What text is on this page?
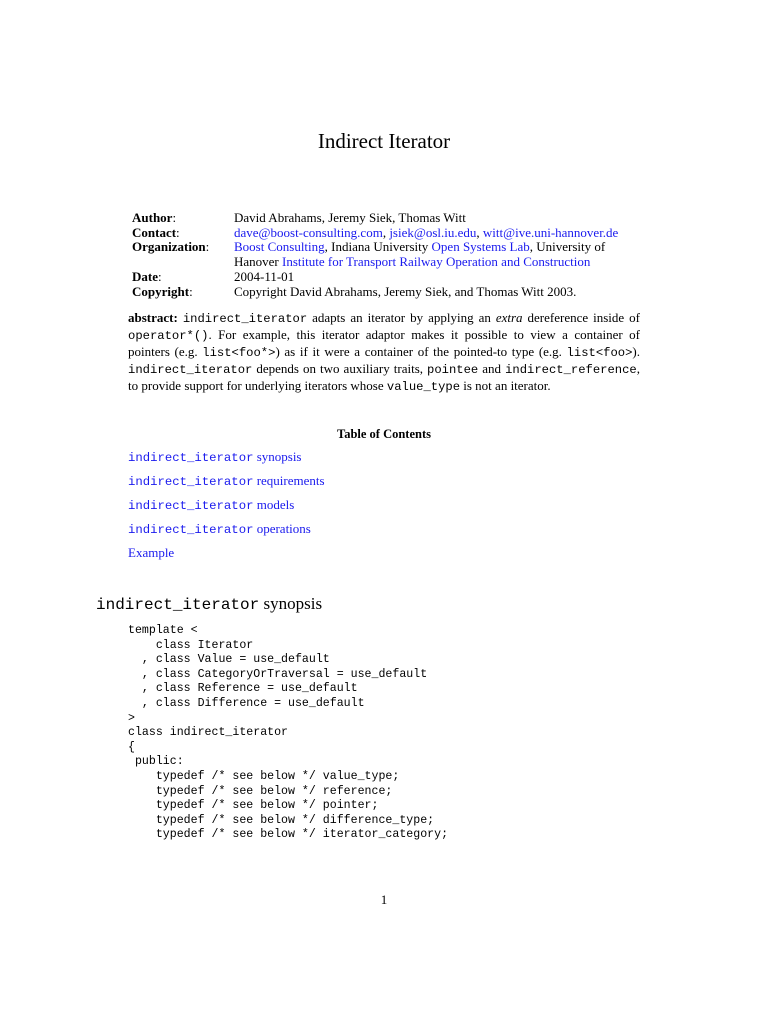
Indirect Iterator
Author:	David Abrahams, Jeremy Siek, Thomas Witt
Contact:	dave@boost-consulting.com, jsiek@osl.iu.edu, witt@ive.uni-hannover.de
Organization:	Boost Consulting, Indiana University Open Systems Lab, University of Hanover Institute for Transport Railway Operation and Construction
Date:	2004-11-01
Copyright:	Copyright David Abrahams, Jeremy Siek, and Thomas Witt 2003.
abstract: indirect_iterator adapts an iterator by applying an extra dereference inside of operator*(). For example, this iterator adaptor makes it possible to view a container of pointers (e.g. list<foo*>) as if it were a container of the pointed-to type (e.g. list<foo>). indirect_iterator depends on two auxiliary traits, pointee and indirect_reference, to provide support for underlying iterators whose value_type is not an iterator.
Table of Contents
indirect_iterator synopsis
indirect_iterator requirements
indirect_iterator models
indirect_iterator operations
Example
indirect_iterator synopsis
template <
class Iterator
, class Value = use_default
, class CategoryOrTraversal = use_default
, class Reference = use_default
, class Difference = use_default
>
class indirect_iterator
{
public:
typedef /* see below */ value_type;
typedef /* see below */ reference;
typedef /* see below */ pointer;
typedef /* see below */ difference_type;
typedef /* see below */ iterator_category;
1
